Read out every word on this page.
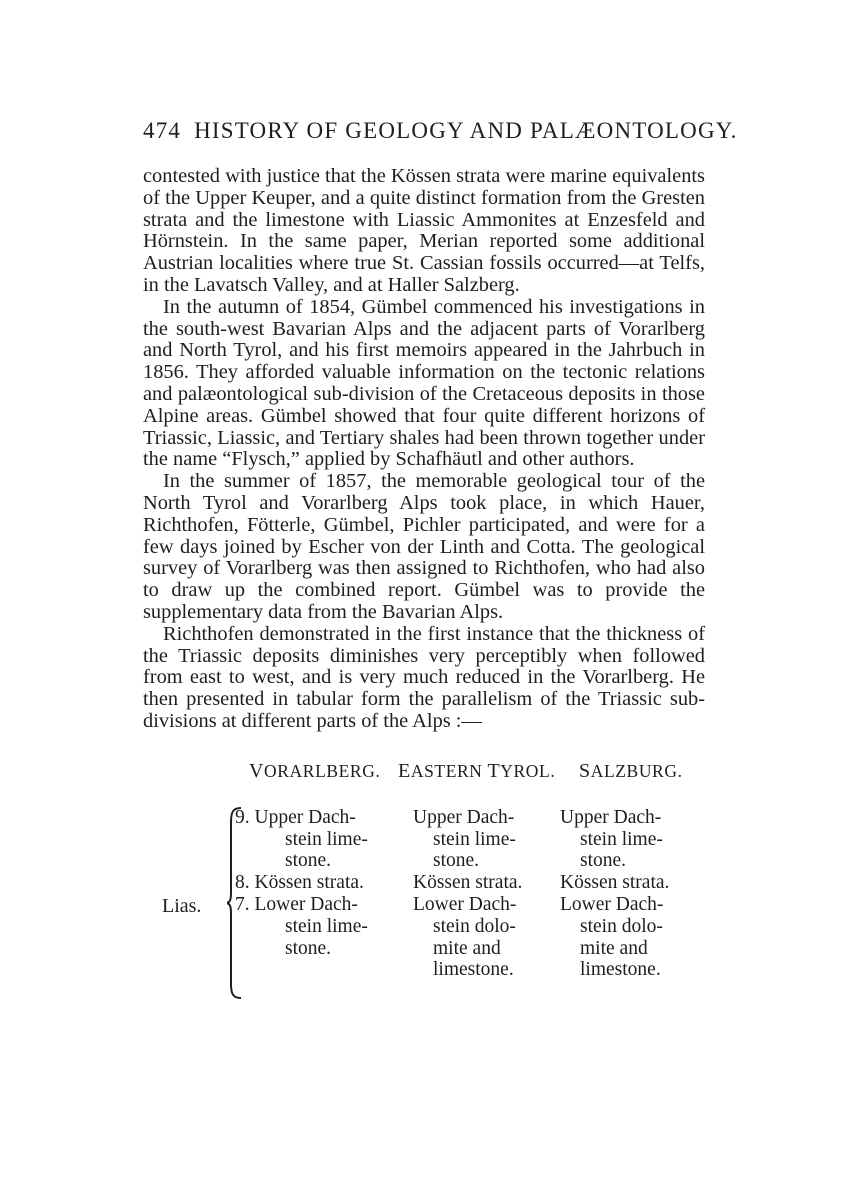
474 HISTORY OF GEOLOGY AND PALÆONTOLOGY.

contested with justice that the Kössen strata were marine equivalents of the Upper Keuper, and a quite distinct formation from the Gresten strata and the limestone with Liassic Ammonites at Enzesfeld and Hörnstein. In the same paper, Merian reported some additional Austrian localities where true St. Cassian fossils occurred—at Telfs, in the Lavatsch Valley, and at Haller Salzberg.

In the autumn of 1854, Gümbel commenced his investigations in the south-west Bavarian Alps and the adjacent parts of Vorarlberg and North Tyrol, and his first memoirs appeared in the Jahrbuch in 1856. They afforded valuable information on the tectonic relations and palæontological sub-division of the Cretaceous deposits in those Alpine areas. Gümbel showed that four quite different horizons of Triassic, Liassic, and Tertiary shales had been thrown together under the name “Flysch,” applied by Schafhäutl and other authors.

In the summer of 1857, the memorable geological tour of the North Tyrol and Vorarlberg Alps took place, in which Hauer, Richthofen, Fötterle, Gümbel, Pichler participated, and were for a few days joined by Escher von der Linth and Cotta. The geological survey of Vorarlberg was then assigned to Richthofen, who had also to draw up the combined report. Gümbel was to provide the supplementary data from the Bavarian Alps.

Richthofen demonstrated in the first instance that the thickness of the Triassic deposits diminishes very perceptibly when followed from east to west, and is very much reduced in the Vorarlberg. He then presented in tabular form the parallelism of the Triassic sub-divisions at different parts of the Alps :—

VORARLBERG. EASTERN TYROL. SALZBURG.
Lias.
9. Upper Dach-
stein lime-
stone.
Upper Dach-
stein lime-
stone.
Upper Dach-
stein lime-
stone.
8. Kössen strata.	Kössen strata.	Kössen strata.
7. Lower Dach-
stein lime-
stone.
Lower Dach-
stein dolo-
mite and
limestone.
Lower Dach-
stein dolo-
mite and
limestone.
